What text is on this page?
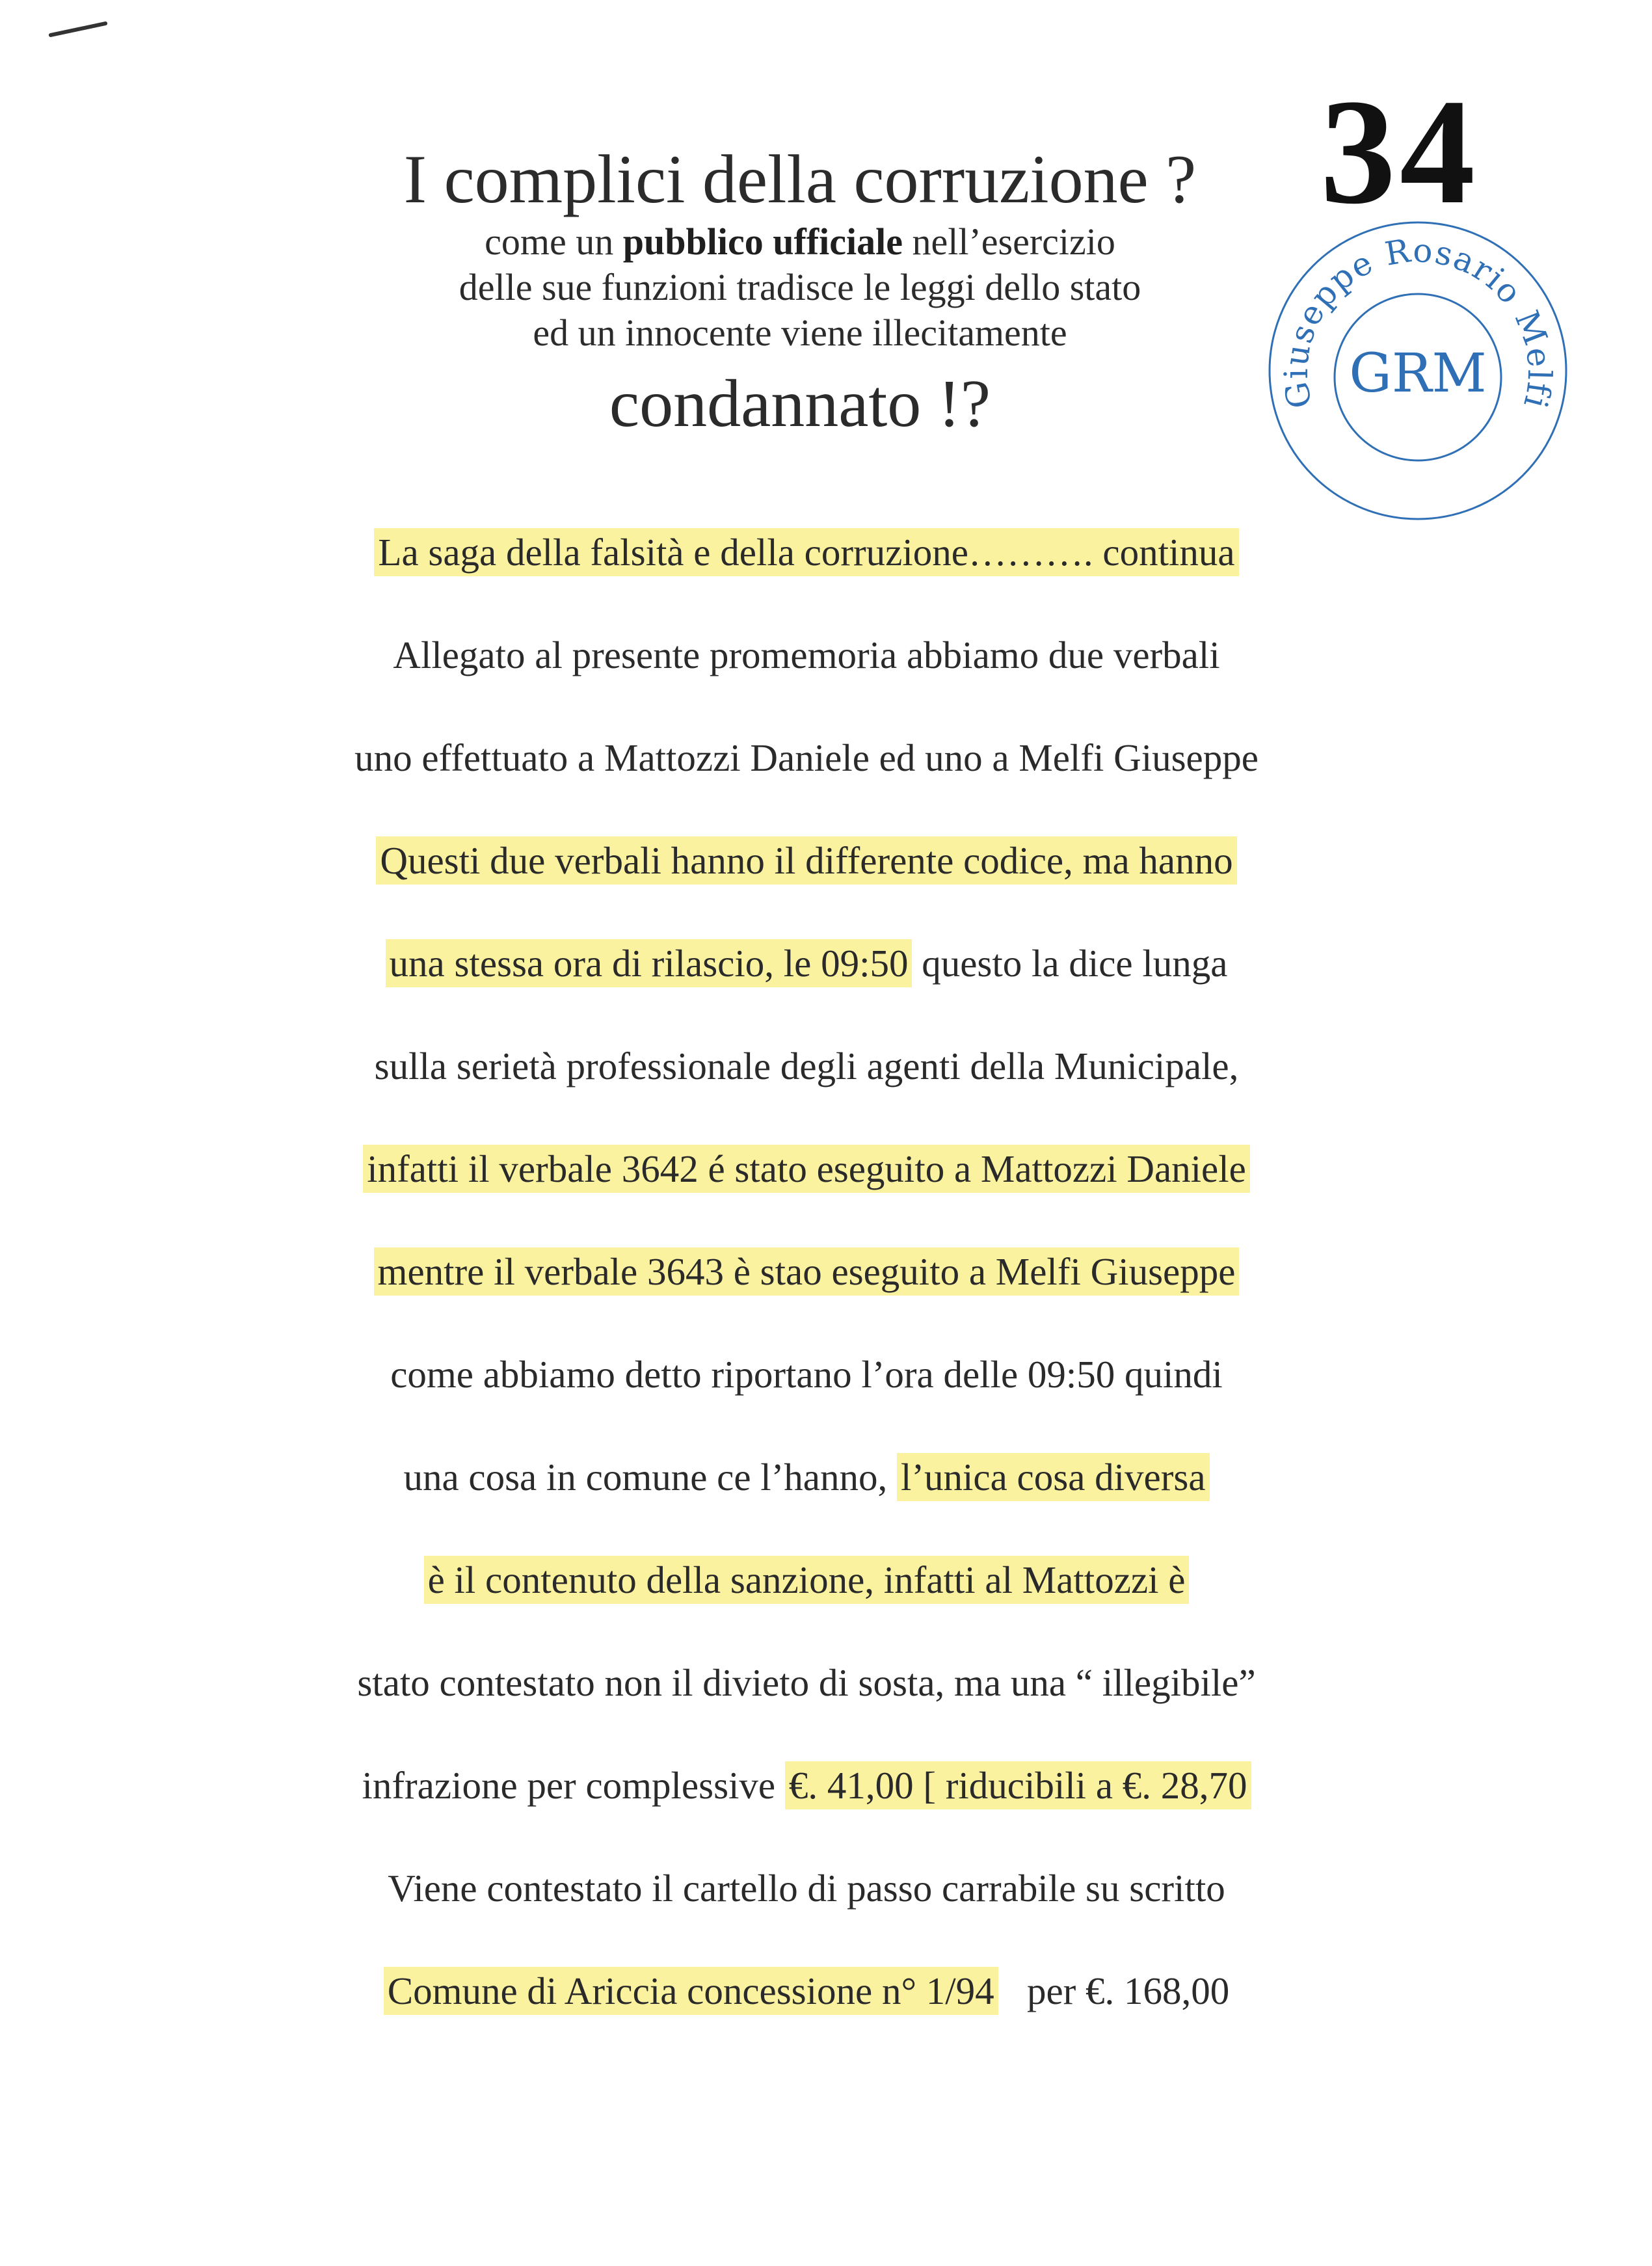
34
Giuseppe Rosario Melfi
GRM
I complici della corruzione ?
come un pubblico ufficiale nell’esercizio
delle sue funzioni tradisce le leggi dello stato
ed un innocente viene illecitamente
condannato !?
La saga della falsità e della corruzione………. continua
Allegato al presente promemoria abbiamo due verbali
uno effettuato a Mattozzi Daniele ed uno a Melfi Giuseppe
Questi due verbali hanno il differente codice, ma hanno
una stessa ora di rilascio, le 09:50 questo la dice lunga
sulla serietà professionale degli agenti della Municipale,
infatti il verbale 3642 é stato eseguito a Mattozzi Daniele
mentre il verbale 3643 è stao eseguito a Melfi Giuseppe
come abbiamo detto riportano l’ora delle 09:50 quindi
una cosa in comune ce l’hanno, l’unica cosa diversa
è il contenuto della sanzione, infatti al Mattozzi è
stato contestato non il divieto di sosta, ma una “ illegibile”
infrazione per complessive €. 41,00 [ riducibili a €. 28,70
Viene contestato il cartello di passo carrabile su scritto
Comune di Ariccia concessione n° 1/94   per €. 168,00
